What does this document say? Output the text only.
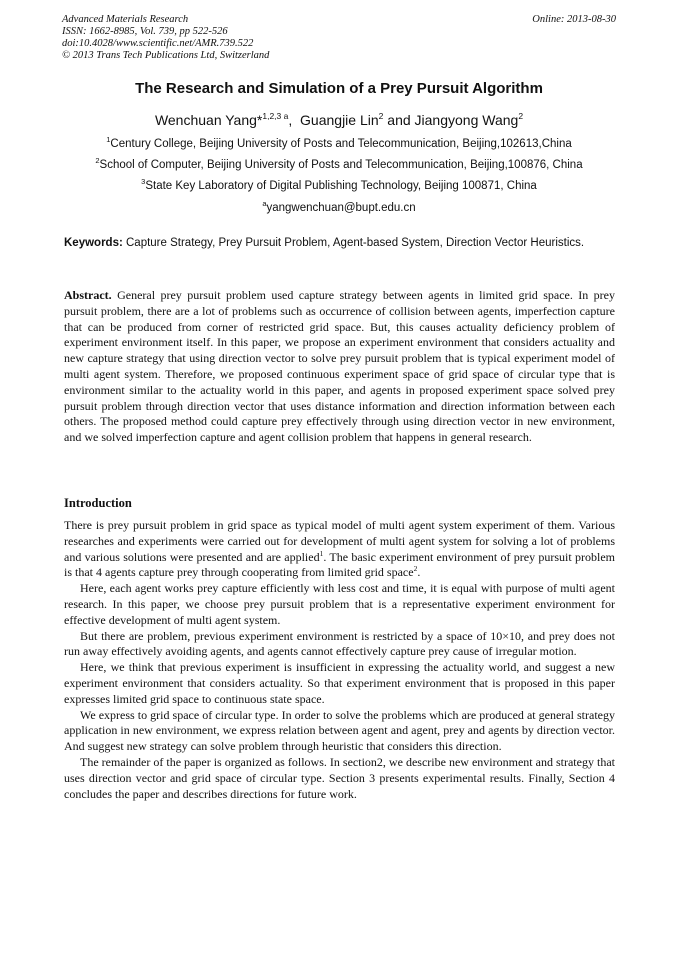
Advanced Materials Research
ISSN: 1662-8985, Vol. 739, pp 522-526
doi:10.4028/www.scientific.net/AMR.739.522
© 2013 Trans Tech Publications Ltd, Switzerland
Online: 2013-08-30
The Research and Simulation of a Prey Pursuit Algorithm
Wenchuan Yang*$^{1,2,3 a}$,  Guangjie Lin$^2$ and Jiangyong Wang$^2$
$^1$Century College, Beijing University of Posts and Telecommunication, Beijing,102613,China
$^2$School of Computer, Beijing University of Posts and Telecommunication, Beijing,100876, China
$^3$State Key Laboratory of Digital Publishing Technology, Beijing 100871, China
$^a$yangwenchuan@bupt.edu.cn
Keywords: Capture Strategy, Prey Pursuit Problem, Agent-based System, Direction Vector Heuristics.
Abstract. General prey pursuit problem used capture strategy between agents in limited grid space. In prey pursuit problem, there are a lot of problems such as occurrence of collision between agents, imperfection capture that can be produced from corner of restricted grid space. But, this causes actuality deficiency problem of experiment environment itself. In this paper, we propose an experiment environment that considers actuality and new capture strategy that using direction vector to solve prey pursuit problem that is typical experiment model of multi agent system. Therefore, we proposed continuous experiment space of grid space of circular type that is environment similar to the actuality world in this paper, and agents in proposed experiment space solved prey pursuit problem through direction vector that uses distance information and direction information between each others. The proposed method could capture prey effectively through using direction vector in new environment, and we solved imperfection capture and agent collision problem that happens in general research.
Introduction

There is prey pursuit problem in grid space as typical model of multi agent system experiment of them. Various researches and experiments were carried out for development of multi agent system for solving a lot of problems and various solutions were presented and are applied$^1$. The basic experiment environment of prey pursuit problem is that 4 agents capture prey through cooperating from limited grid space$^2$.

Here, each agent works prey capture efficiently with less cost and time, it is equal with purpose of multi agent research. In this paper, we choose prey pursuit problem that is a representative experiment environment for effective development of multi agent system.

But there are problem, previous experiment environment is restricted by a space of 10×10, and prey does not run away effectively avoiding agents, and agents cannot effectively capture prey cause of irregular motion.

Here, we think that previous experiment is insufficient in expressing the actuality world, and suggest a new experiment environment that considers actuality. So that experiment environment that is proposed in this paper expresses limited grid space to continuous state space.

We express to grid space of circular type. In order to solve the problems which are produced at general strategy application in new environment, we express relation between agent and agent, prey and agents by direction vector. And suggest new strategy can solve problem through heuristic that considers this direction.

The remainder of the paper is organized as follows. In section2, we describe new environment and strategy that uses direction vector and grid space of circular type. Section 3 presents experimental results. Finally, Section 4 concludes the paper and describes directions for future work.
